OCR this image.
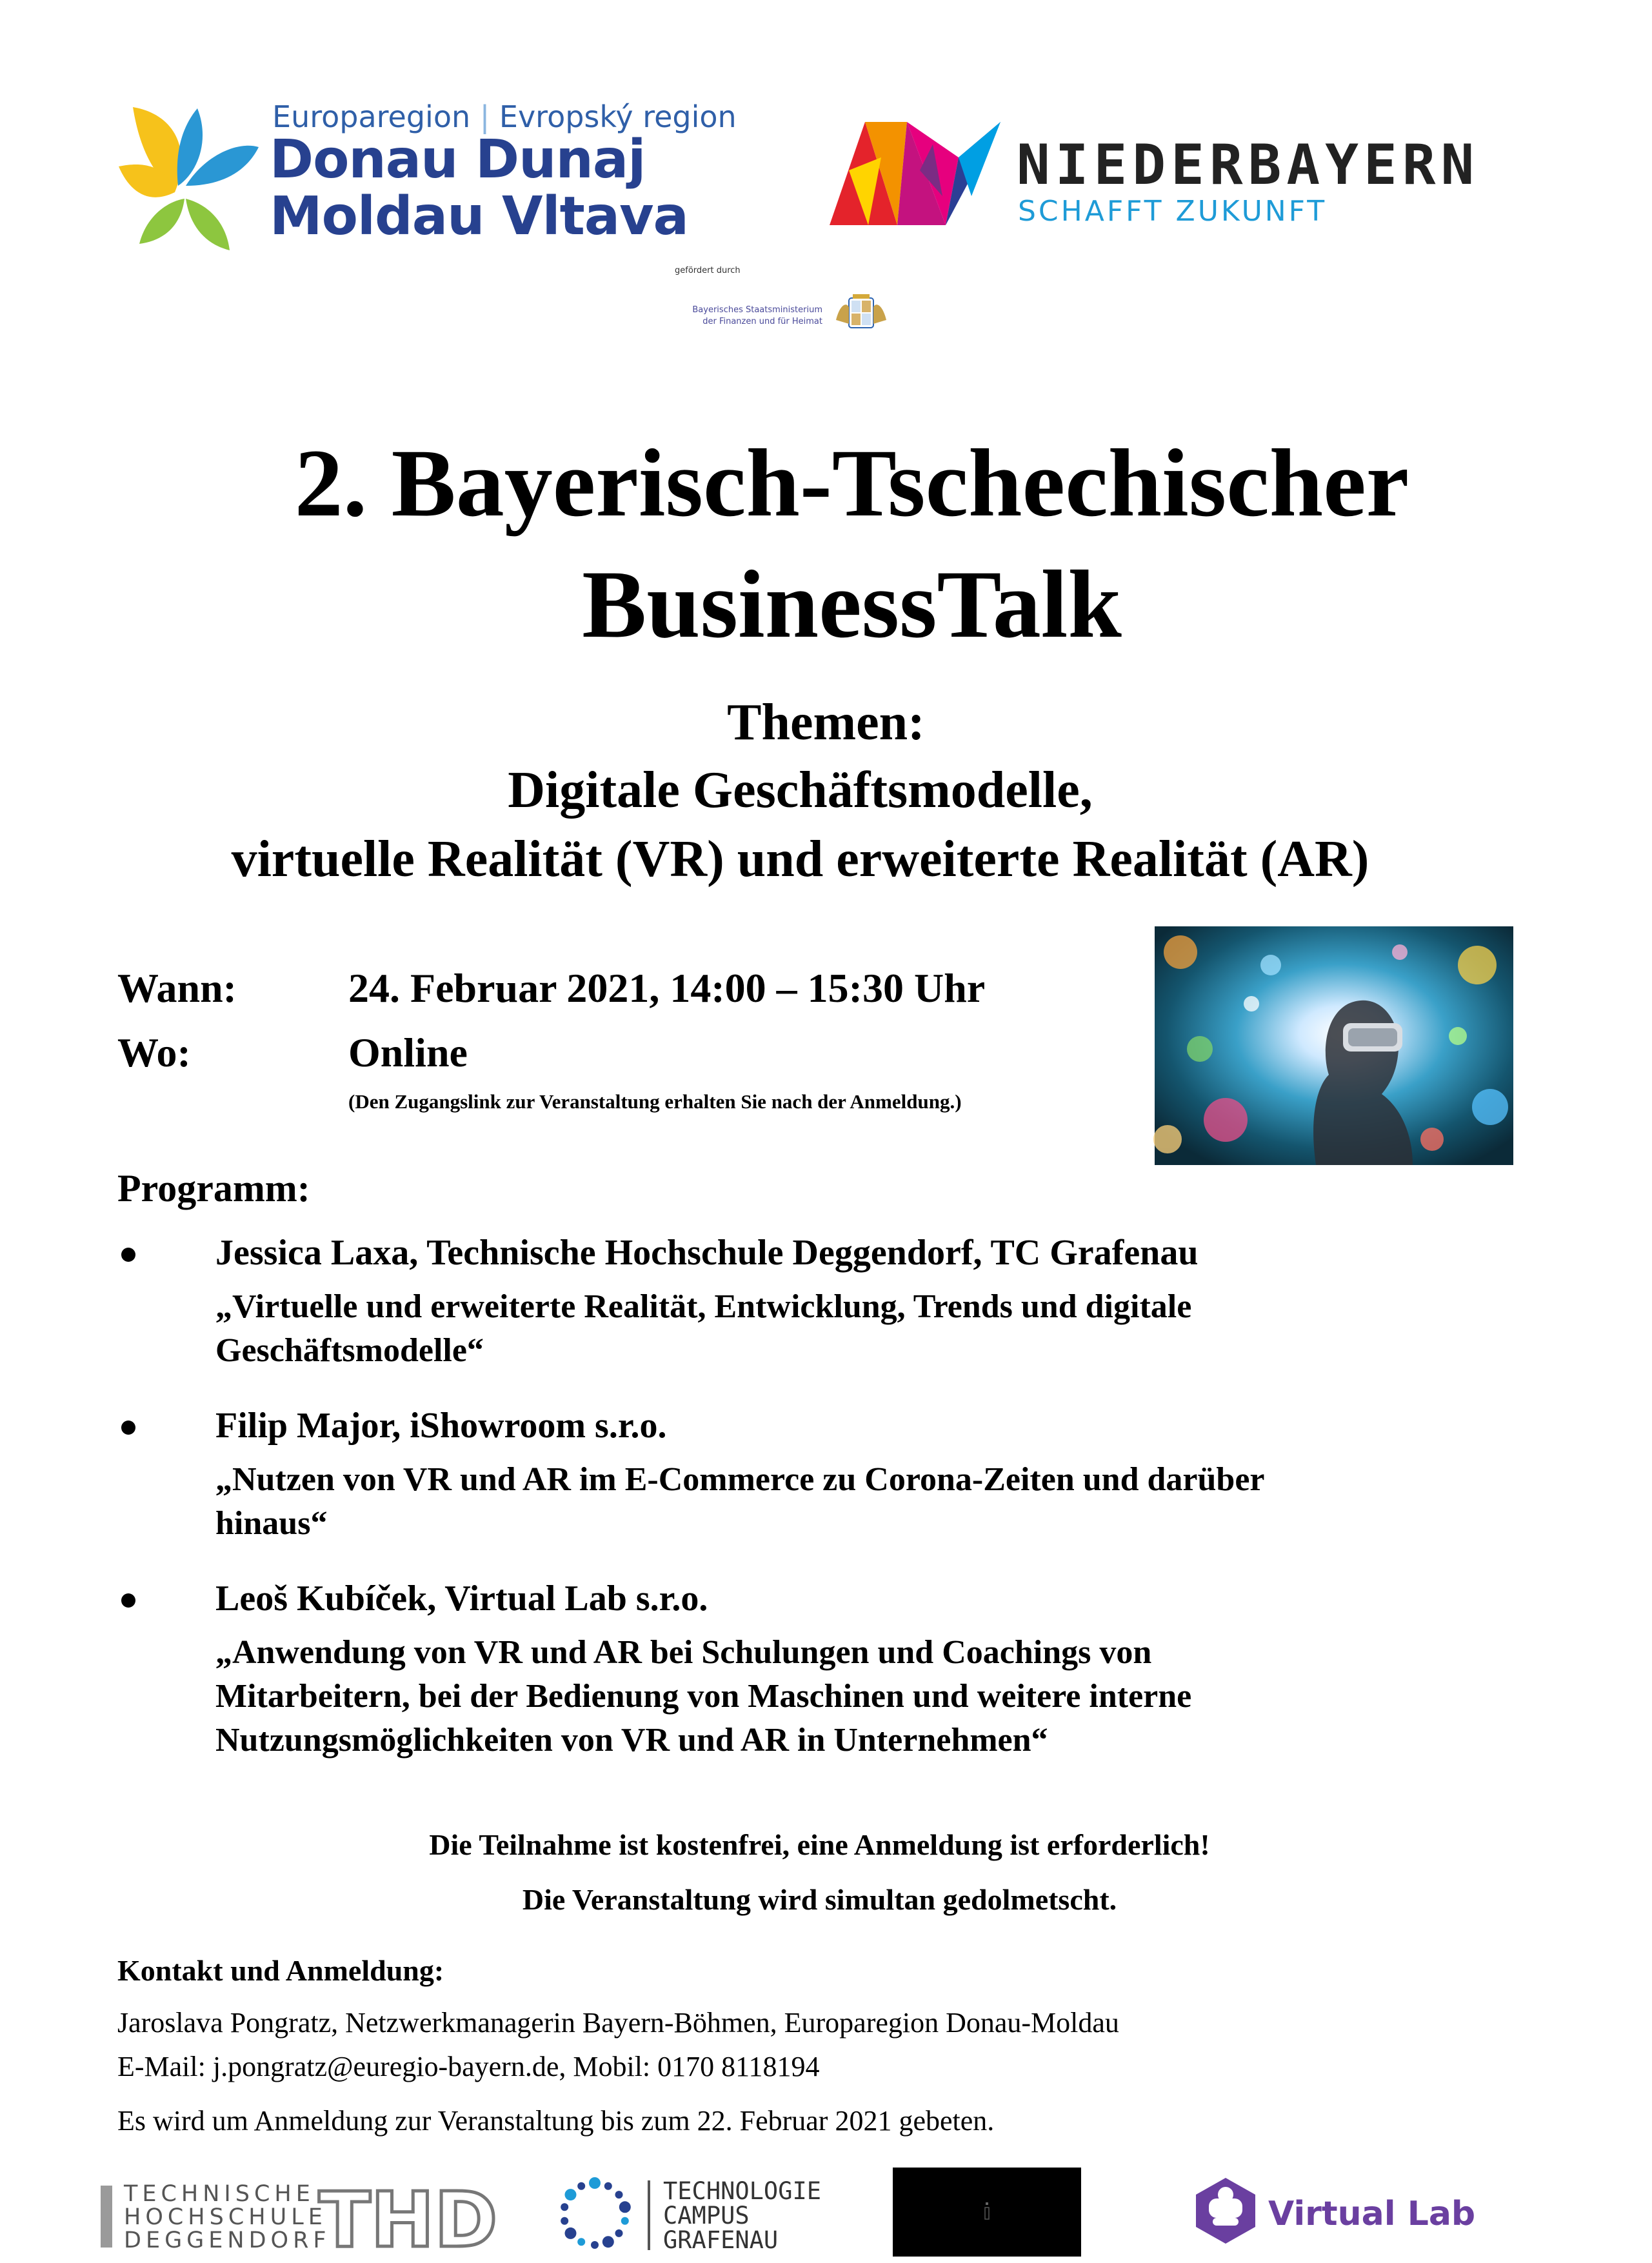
Europaregion | Evropský region
Donau Dunaj
Moldau Vltava
NIEDERBAYERN
SCHAFFT ZUKUNFT
gefördert durch
Bayerisches Staatsministerium
der Finanzen und für Heimat
2. Bayerisch-Tschechischer
BusinessTalk
Themen:
Digitale Geschäftsmodelle,
virtuelle Realität (VR) und erweiterte Realität (AR)
Wann:	24. Februar 2021, 14:00 – 15:30 Uhr
Wo:	Online
(Den Zugangslink zur Veranstaltung erhalten Sie nach der Anmeldung.)
Programm:
Jessica Laxa, Technische Hochschule Deggendorf, TC Grafenau
„Virtuelle und erweiterte Realität, Entwicklung, Trends und digitale
Geschäftsmodelle“
Filip Major, iShowroom s.r.o.
„Nutzen von VR und AR im E-Commerce zu Corona-Zeiten und darüber
hinaus“
Leoš Kubíček, Virtual Lab s.r.o.
„Anwendung von VR und AR bei Schulungen und Coachings von
Mitarbeitern, bei der Bedienung von Maschinen und weitere interne
Nutzungsmöglichkeiten von VR und AR in Unternehmen“
Die Teilnahme ist kostenfrei, eine Anmeldung ist erforderlich!
Die Veranstaltung wird simultan gedolmetscht.
Kontakt und Anmeldung:
Jaroslava Pongratz, Netzwerkmanagerin Bayern-Böhmen, Europaregion Donau-Moldau
E-Mail: j.pongratz@euregio-bayern.de, Mobil: 0170 8118194
Es wird um Anmeldung zur Veranstaltung bis zum 22. Februar 2021 gebeten.
TECHNISCHE
HOCHSCHULE
DEGGENDORF
THD	TECHNOLOGIE
CAMPUS
GRAFENAU
Virtual Lab
